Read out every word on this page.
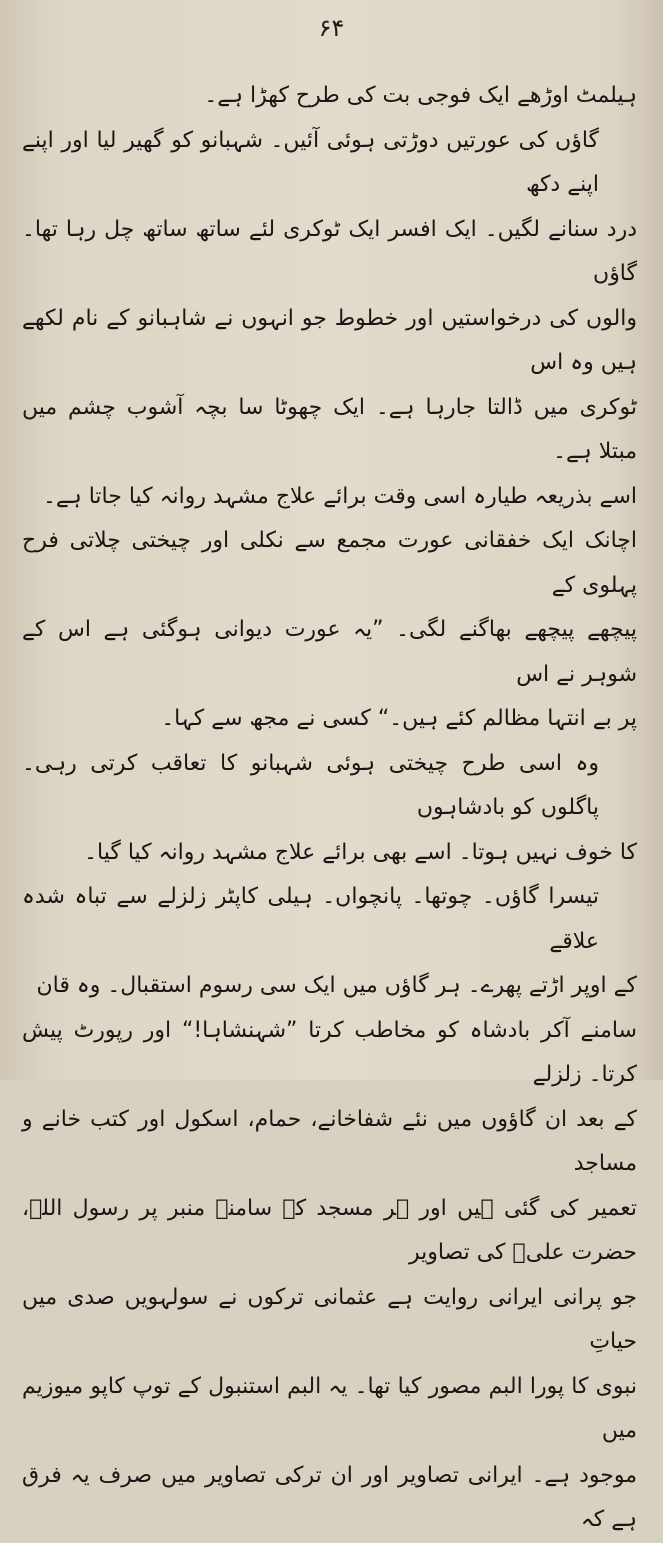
۶۴

ہیلمٹ اوڑھے ایک فوجی بت کی طرح کھڑا ہے۔

گاؤں کی عورتیں دوڑتی ہوئی آئیں۔ شہبانو کو گھیر لیا اور اپنے اپنے دکھ

درد سنانے لگیں۔ ایک افسر ایک ٹوکری لئے ساتھ ساتھ چل رہا تھا۔ گاؤں

والوں کی درخواستیں اور خطوط جو انہوں نے شاہبانو کے نام لکھے ہیں وہ اس

ٹوکری میں ڈالتا جارہا ہے۔ ایک چھوٹا سا بچہ آشوب چشم میں مبتلا ہے۔

اسے بذریعہ طیارہ اسی وقت برائے علاج مشہد روانہ کیا جاتا ہے۔

اچانک ایک خفقانی عورت مجمع سے نکلی اور چیختی چلاتی فرح پہلوی کے

پیچھے پیچھے بھاگنے لگی۔ ”یہ عورت دیوانی ہوگئی ہے اس کے شوہر نے اس

پر بے انتہا مظالم کئے ہیں۔“ کسی نے مجھ سے کہا۔

وہ اسی طرح چیختی ہوئی شہبانو کا تعاقب کرتی رہی۔ پاگلوں کو بادشاہوں

کا خوف نہیں ہوتا۔ اسے بھی برائے علاج مشہد روانہ کیا گیا۔

تیسرا گاؤں۔ چوتھا۔ پانچواں۔ ہیلی کاپٹر زلزلے سے تباہ شدہ علاقے

کے اوپر اڑتے پھرے۔ ہر گاؤں میں ایک سی رسوم استقبال۔ وہ قان

سامنے آکر بادشاہ کو مخاطب کرتا ”شہنشاہا!“ اور رپورٹ پیش کرتا۔ زلزلے

کے بعد ان گاؤوں میں نئے شفاخانے، حمام، اسکول اور کتب خانے و مساجد

تعمیر کی گئی ہیں اور ہر مسجد کے سامنے منبر پر رسول اللہ، حضرت علیؑ کی تصاویر

جو پرانی ایرانی روایت ہے عثمانی ترکوں نے سولہویں صدی میں حیاتِ

نبوی کا پورا البم مصور کیا تھا۔ یہ البم استنبول کے توپ کاپو میوزیم میں

موجود ہے۔ ایرانی تصاویر اور ان ترکی تصاویر میں صرف یہ فرق ہے کہ
